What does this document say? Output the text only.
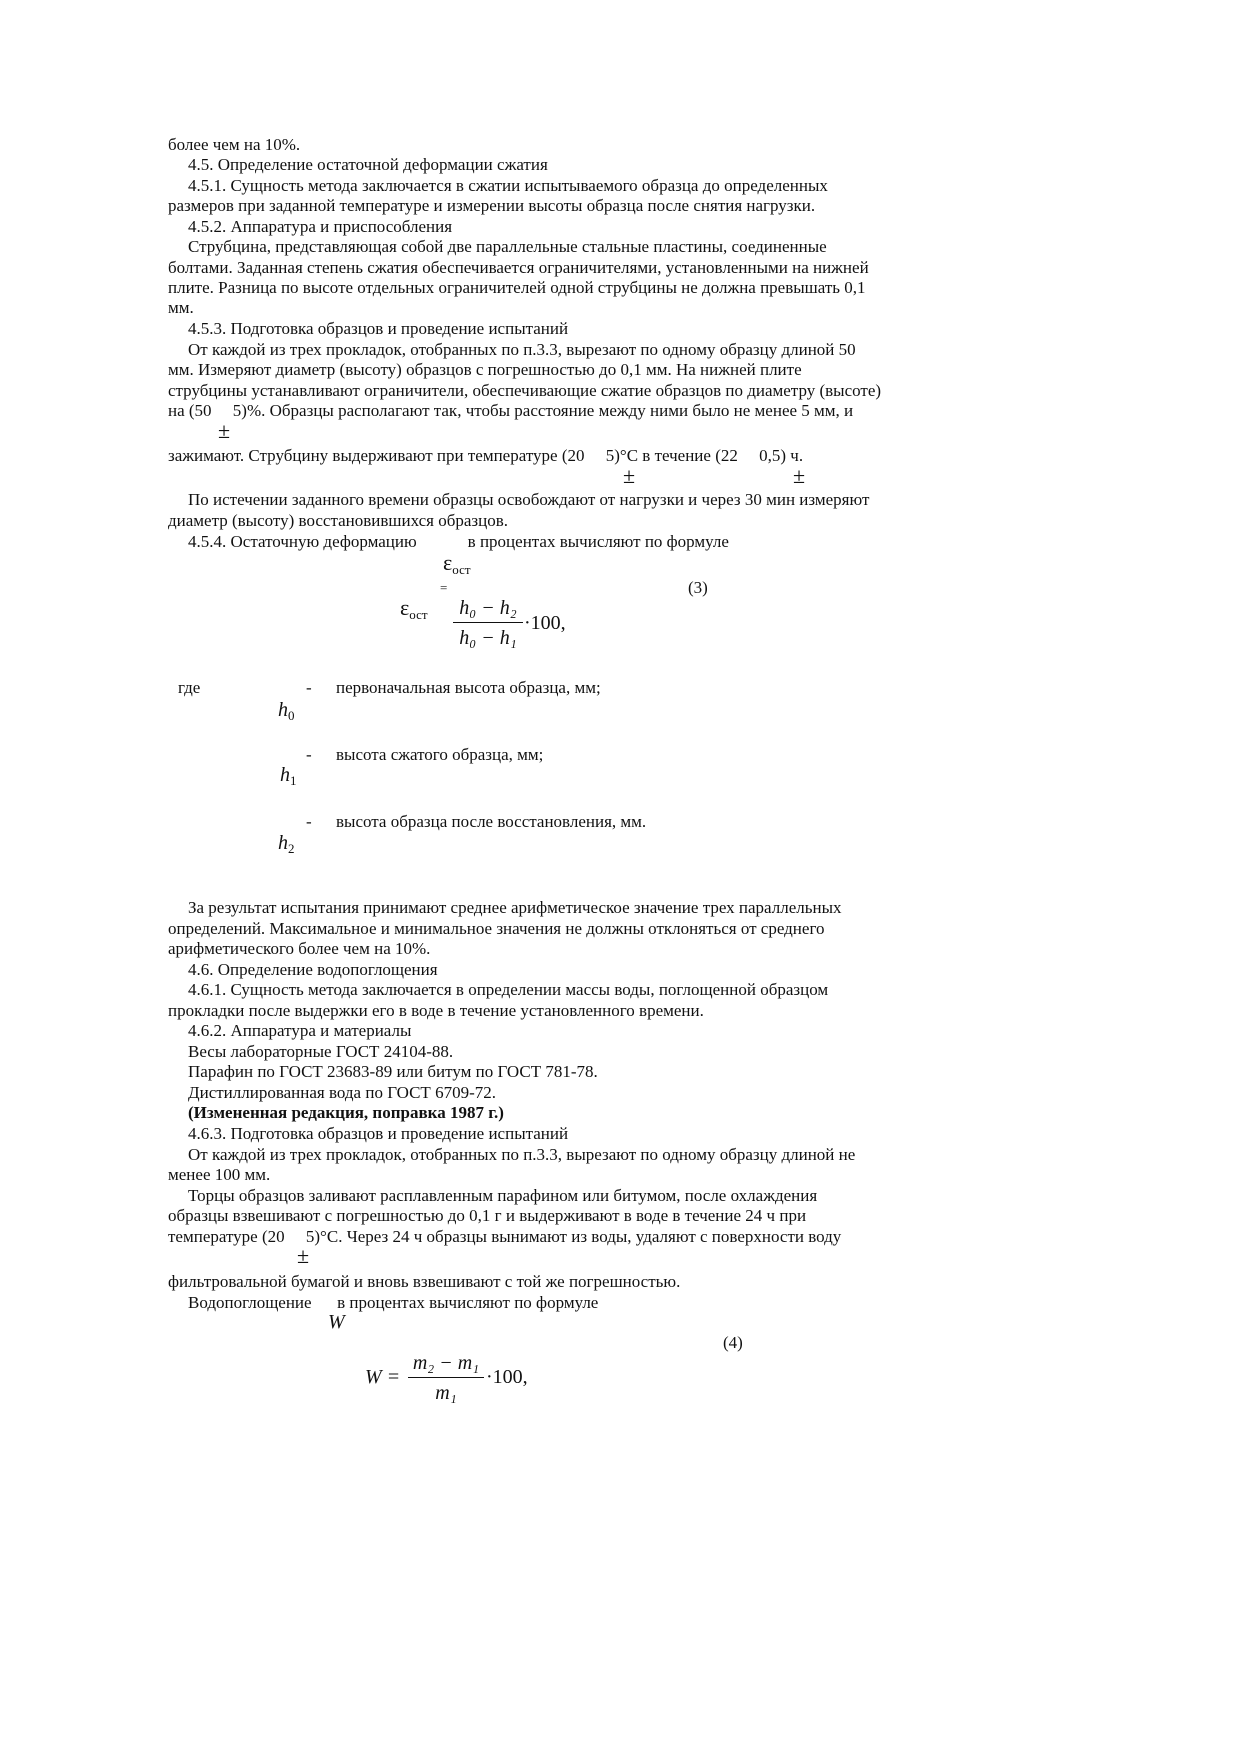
более чем на 10%.
4.5. Определение остаточной деформации сжатия
4.5.1. Сущность метода заключается в сжатии испытываемого образца до определенных
размеров при заданной температуре и измерении высоты образца после снятия нагрузки.
4.5.2. Аппаратура и приспособления
Струбцина, представляющая собой две параллельные стальные пластины, соединенные
болтами. Заданная степень сжатия обеспечивается ограничителями, установленными на нижней
плите. Разница по высоте отдельных ограничителей одной струбцины не должна превышать 0,1
мм.
4.5.3. Подготовка образцов и проведение испытаний
От каждой из трех прокладок, отобранных по п.3.3, вырезают по одному образцу длиной 50
мм. Измеряют диаметр (высоту) образцов с погрешностью до 0,1 мм. На нижней плите
струбцины устанавливают ограничители, обеспечивающие сжатие образцов по диаметру (высоте)
на (50     5)%. Образцы располагают так, чтобы расстояние между ними было не менее 5 мм, и
±
зажимают. Струбцину выдерживают при температуре (20     5)°C в течение (22     0,5) ч.
±	±
По истечении заданного времени образцы освобождают от нагрузки и через 30 мин измеряют
диаметр (высоту) восстановившихся образцов.
4.5.4. Остаточную деформацию            в процентах вычисляют по формуле
$\varepsilon_{ост}$
=	(3)
$\varepsilon_{ост}$	h₀ − h₂
h₀ − h₁
·100,
где	- первоначальная высота образца, мм;
$h_0$
- высота сжатого образца, мм;
$h_1$
- высота образца после восстановления, мм.
$h_2$
За результат испытания принимают среднее арифметическое значение трех параллельных
определений. Максимальное и минимальное значения не должны отклоняться от среднего
арифметического более чем на 10%.
4.6. Определение водопоглощения
4.6.1. Сущность метода заключается в определении массы воды, поглощенной образцом
прокладки после выдержки его в воде в течение установленного времени.
4.6.2. Аппаратура и материалы
Весы лабораторные ГОСТ 24104-88.
Парафин по ГОСТ 23683-89 или битум по ГОСТ 781-78.
Дистиллированная вода по ГОСТ 6709-72.
(Измененная редакция, поправка 1987 г.)
4.6.3. Подготовка образцов и проведение испытаний
От каждой из трех прокладок, отобранных по п.3.3, вырезают по одному образцу длиной не
менее 100 мм.
Торцы образцов заливают расплавленным парафином или битумом, после охлаждения
образцы взвешивают с погрешностью до 0,1 г и выдерживают в воде в течение 24 ч при
температуре (20     5)°C. Через 24 ч образцы вынимают из воды, удаляют с поверхности воду
±
фильтровальной бумагой и вновь взвешивают с той же погрешностью.
Водопоглощение      в процентах вычисляют по формуле
W
(4)
W =
m₂ − m₁
m₁
·100,
